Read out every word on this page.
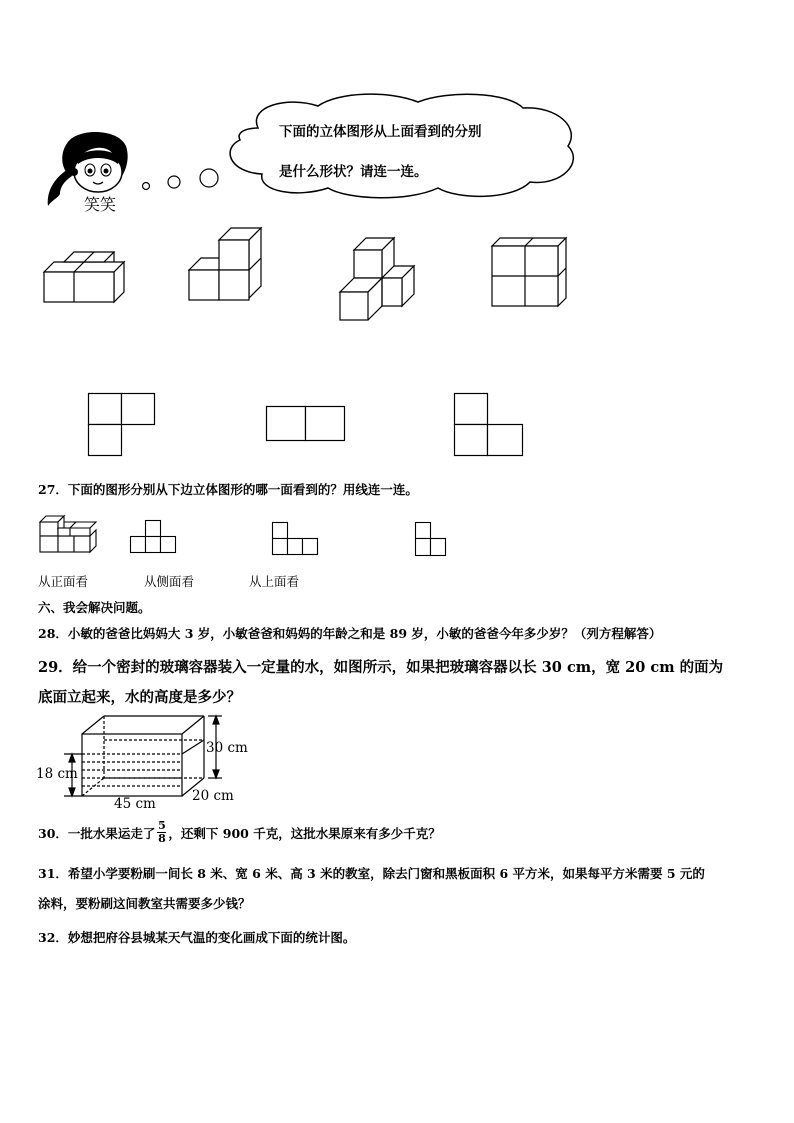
笑笑
下面的立体图形从上面看到的分别
是什么形状？请连一连。
27．下面的图形分别从下边立体图形的哪一面看到的？用线连一连。
从正面看	从侧面看	从上面看
六、我会解决问题。
28．小敏的爸爸比妈妈大 3 岁，小敏爸爸和妈妈的年龄之和是 89 岁，小敏的爸爸今年多少岁？（列方程解答）
29．给一个密封的玻璃容器装入一定量的水，如图所示，如果把玻璃容器以长 30 cm，宽 20 cm 的面为
底面立起来，水的高度是多少？
30 cm
18 cm
20 cm
45 cm
30．一批水果运走了 $\frac{5}{8}$ ，还剩下 900 千克，这批水果原来有多少千克？
31．希望小学要粉刷一间长 8 米、宽 6 米、高 3 米的教室，除去门窗和黑板面积 6 平方米，如果每平方米需要 5 元的
涂料，要粉刷这间教室共需要多少钱？
32．妙想把府谷县城某天气温的变化画成下面的统计图。
